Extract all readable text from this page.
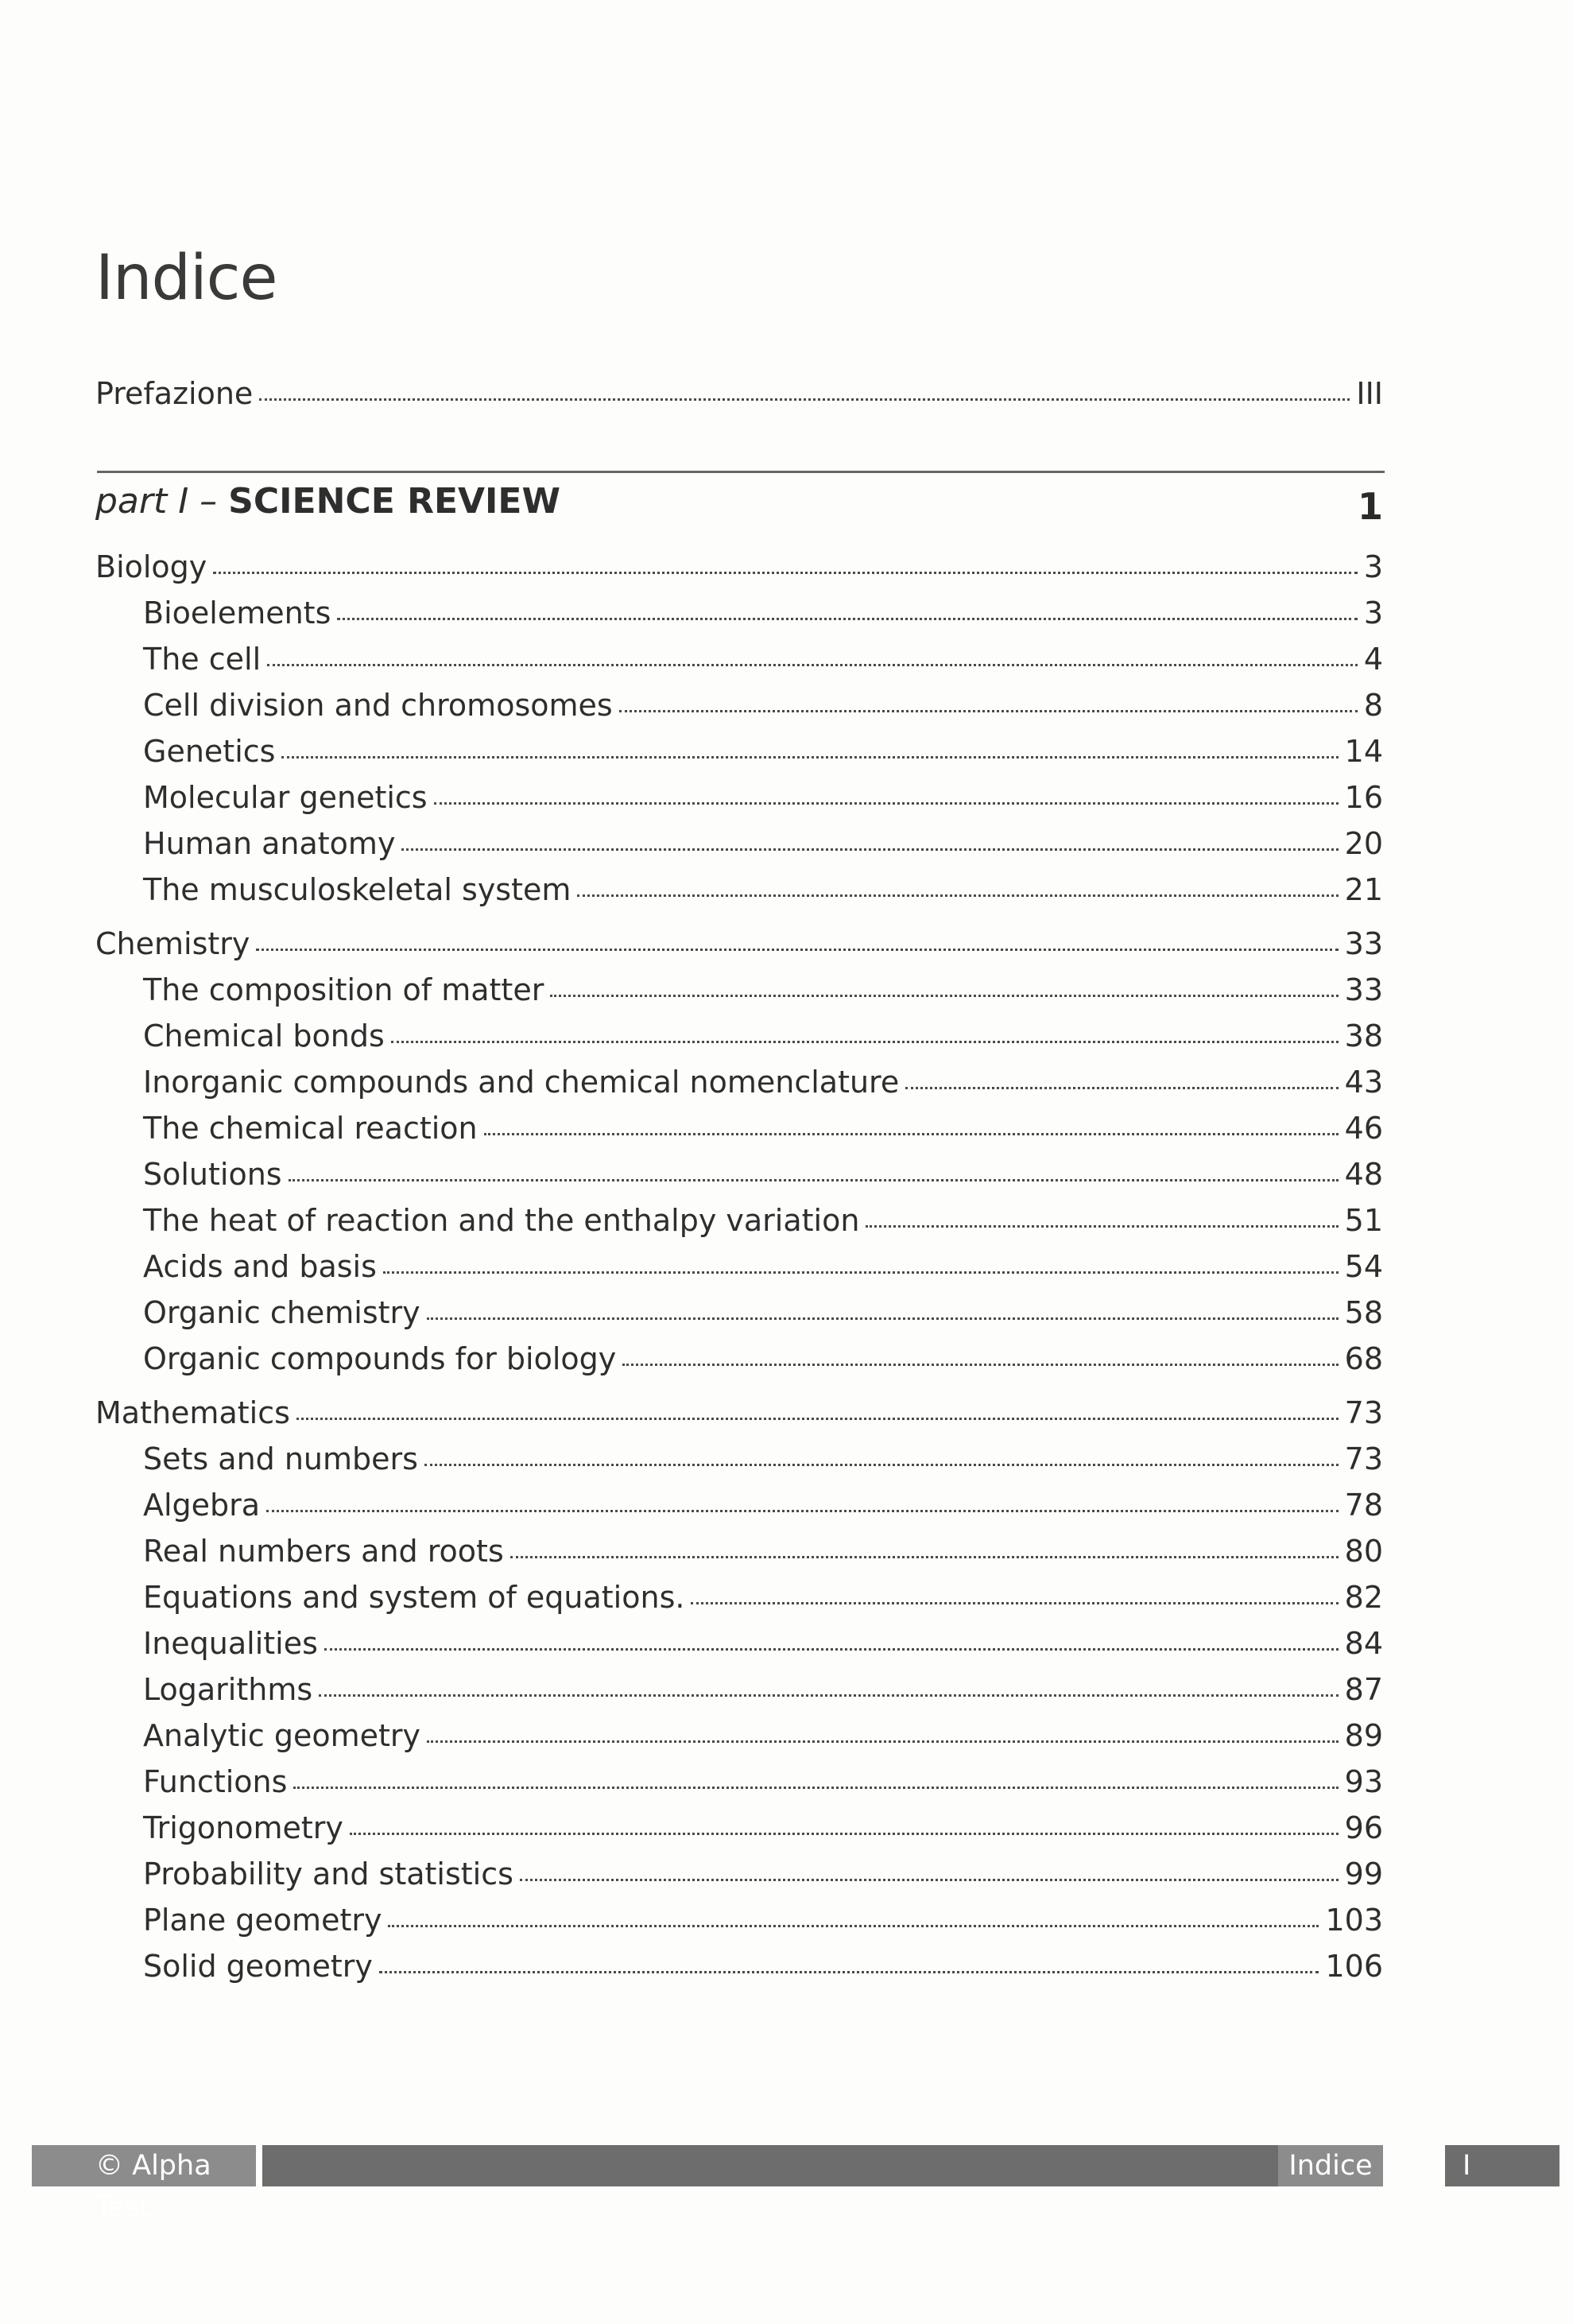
Indice
Prefazione	III
part I – SCIENCE REVIEW	1
Biology	3
Bioelements	3
The cell	4
Cell division and chromosomes	8
Genetics	14
Molecular genetics	16
Human anatomy	20
The musculoskeletal system	21
Chemistry	33
The composition of matter	33
Chemical bonds	38
Inorganic compounds and chemical nomenclature	43
The chemical reaction	46
Solutions	48
The heat of reaction and the enthalpy variation	51
Acids and basis	54
Organic chemistry	58
Organic compounds for biology	68
Mathematics	73
Sets and numbers	73
Algebra	78
Real numbers and roots	80
Equations and system of equations.	82
Inequalities	84
Logarithms	87
Analytic geometry	89
Functions	93
Trigonometry	96
Probability and statistics	99
Plane geometry	103
Solid geometry	106
© Alpha Test
Indice	I
